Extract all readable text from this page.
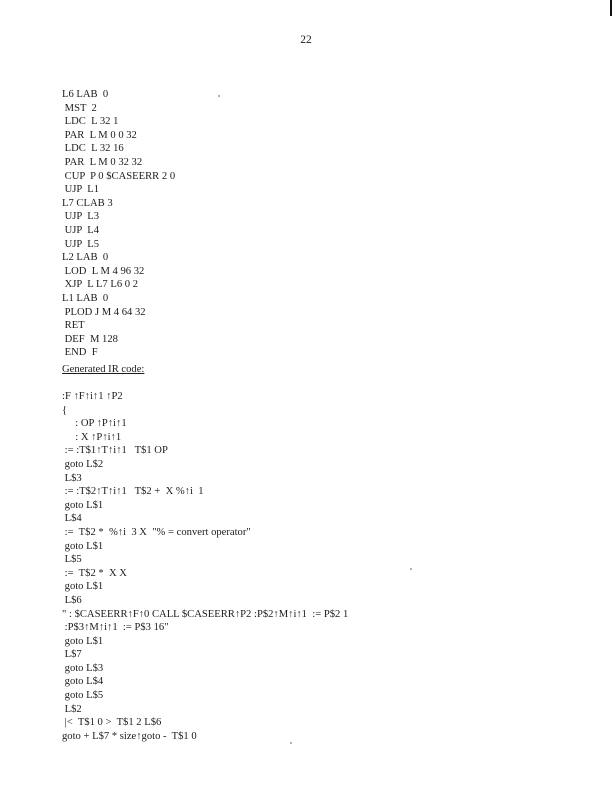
22
L6 LAB  0
MST  2
LDC  L 32 1
PAR  L M 0 0 32
LDC  L 32 16
PAR  L M 0 32 32
CUP  P 0 $CASEERR 2 0
UJP  L1
L7 CLAB 3
UJP  L3
UJP  L4
UJP  L5
L2 LAB  0
LOD  L M 4 96 32
XJP  L L7 L6 0 2
L1 LAB  0
PLOD J M 4 64 32
RET
DEF  M 128
END  F
Generated IR code:
:F ↑F↑i↑1 ↑P2
{
: OP ↑P↑i↑1
: X ↑P↑i↑1
:= :T$1↑T↑i↑1   T$1 OP
goto L$2
L$3
:= :T$2↑T↑i↑1   T$2 +  X %↑i  1
goto L$1
L$4
:=  T$2 *  %↑i  3 X  "% = convert operator"
goto L$1
L$5
:=  T$2 *  X X
goto L$1
L$6
" : $CASEERR↑F↑0 CALL $CASEERR↑P2 :P$2↑M↑i↑1  := P$2 1
:P$3↑M↑i↑1  := P$3 16"
goto L$1
L$7
goto L$3
goto L$4
goto L$5
L$2
|<  T$1 0 >  T$1 2 L$6
goto + L$7 * size↑goto -  T$1 0
